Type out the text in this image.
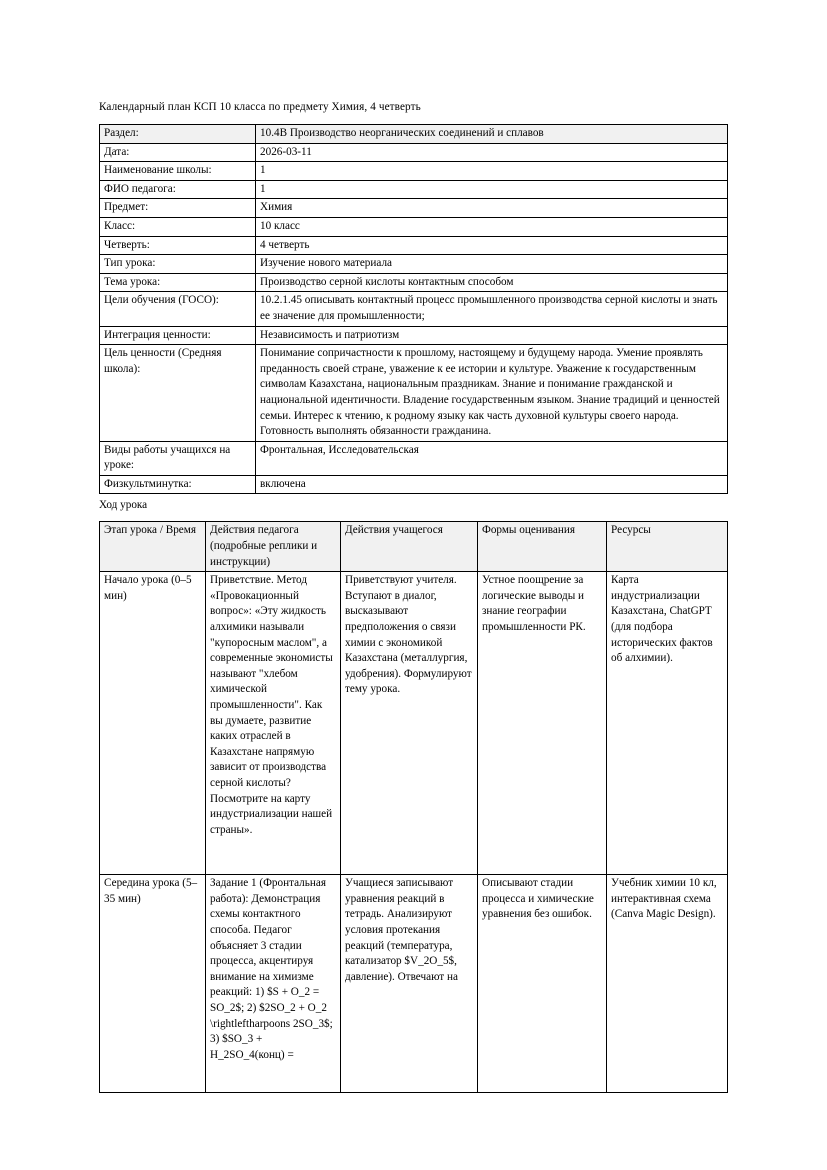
Календарный план КСП 10 класса по предмету Химия, 4 четверть

Раздел:	10.4В Производство неорганических соединений и сплавов
Дата:	2026-03-11
Наименование школы:	1
ФИО педагога:	1
Предмет:	Химия
Класс:	10 класс
Четверть:	4 четверть
Тип урока:	Изучение нового материала
Тема урока:	Производство серной кислоты контактным способом
Цели обучения (ГОСО):	10.2.1.45 описывать контактный процесс промышленного производства серной кислоты и знать ее значение для промышленности;
Интеграция ценности:	Независимость и патриотизм
Цель ценности (Средняя школа):	Понимание сопричастности к прошлому, настоящему и будущему народа. Умение проявлять преданность своей стране, уважение к ее истории и культуре. Уважение к государственным символам Казахстана, национальным праздникам. Знание и понимание гражданской и национальной идентичности. Владение государственным языком. Знание традиций и ценностей семьи. Интерес к чтению, к родному языку как часть духовной культуры своего народа. Готовность выполнять обязанности гражданина.
Виды работы учащихся на уроке:	Фронтальная, Исследовательская
Физкультминутка:	включена

Ход урока

Этап урока / Время	Действия педагога (подробные реплики и инструкции)	Действия учащегося	Формы оценивания	Ресурсы
Начало урока (0–5 мин)	Приветствие. Метод «Провокационный вопрос»: «Эту жидкость алхимики называли "купоросным маслом", а современные экономисты называют "хлебом химической промышленности". Как вы думаете, развитие каких отраслей в Казахстане напрямую зависит от производства серной кислоты? Посмотрите на карту индустриализации нашей страны».	Приветствуют учителя. Вступают в диалог, высказывают предположения о связи химии с экономикой Казахстана (металлургия, удобрения). Формулируют тему урока.	Устное поощрение за логические выводы и знание географии промышленности РК.	Карта индустриализации Казахстана, ChatGPT (для подбора исторических фактов об алхимии).
Середина урока (5–35 мин)	Задание 1 (Фронтальная работа): Демонстрация схемы контактного способа. Педагог объясняет 3 стадии процесса, акцентируя внимание на химизме реакций: 1) $S + O_2 = SO_2$; 2) $2SO_2 + O_2 \rightleftharpoons 2SO_3$; 3) $SO_3 + H_2SO_4(конц) =	Учащиеся записывают уравнения реакций в тетрадь. Анализируют условия протекания реакций (температура, катализатор $V_2O_5$, давление). Отвечают на	Описывают стадии процесса и химические уравнения без ошибок.	Учебник химии 10 кл, интерактивная схема (Canva Magic Design).
